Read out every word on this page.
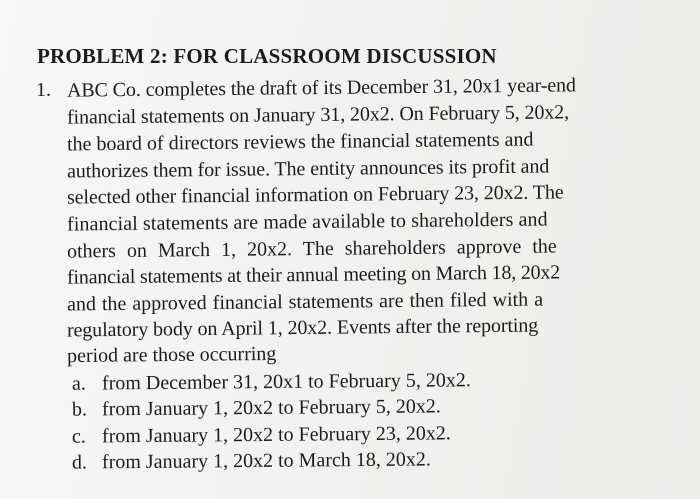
PROBLEM 2: FOR CLASSROOM DISCUSSION
1. ABC Co. completes the draft of its December 31, 20x1 year-end
financial statements on January 31, 20x2. On February 5, 20x2,
the board of directors reviews the financial statements and
authorizes them for issue. The entity announces its profit and
selected other financial information on February 23, 20x2. The
financial statements are made available to shareholders and
others on March 1, 20x2. The shareholders approve the
financial statements at their annual meeting on March 18, 20x2
and the approved financial statements are then filed with a
regulatory body on April 1, 20x2. Events after the reporting
period are those occurring
a. from December 31, 20x1 to February 5, 20x2.
b. from January 1, 20x2 to February 5, 20x2.
c. from January 1, 20x2 to February 23, 20x2.
d. from January 1, 20x2 to March 18, 20x2.
